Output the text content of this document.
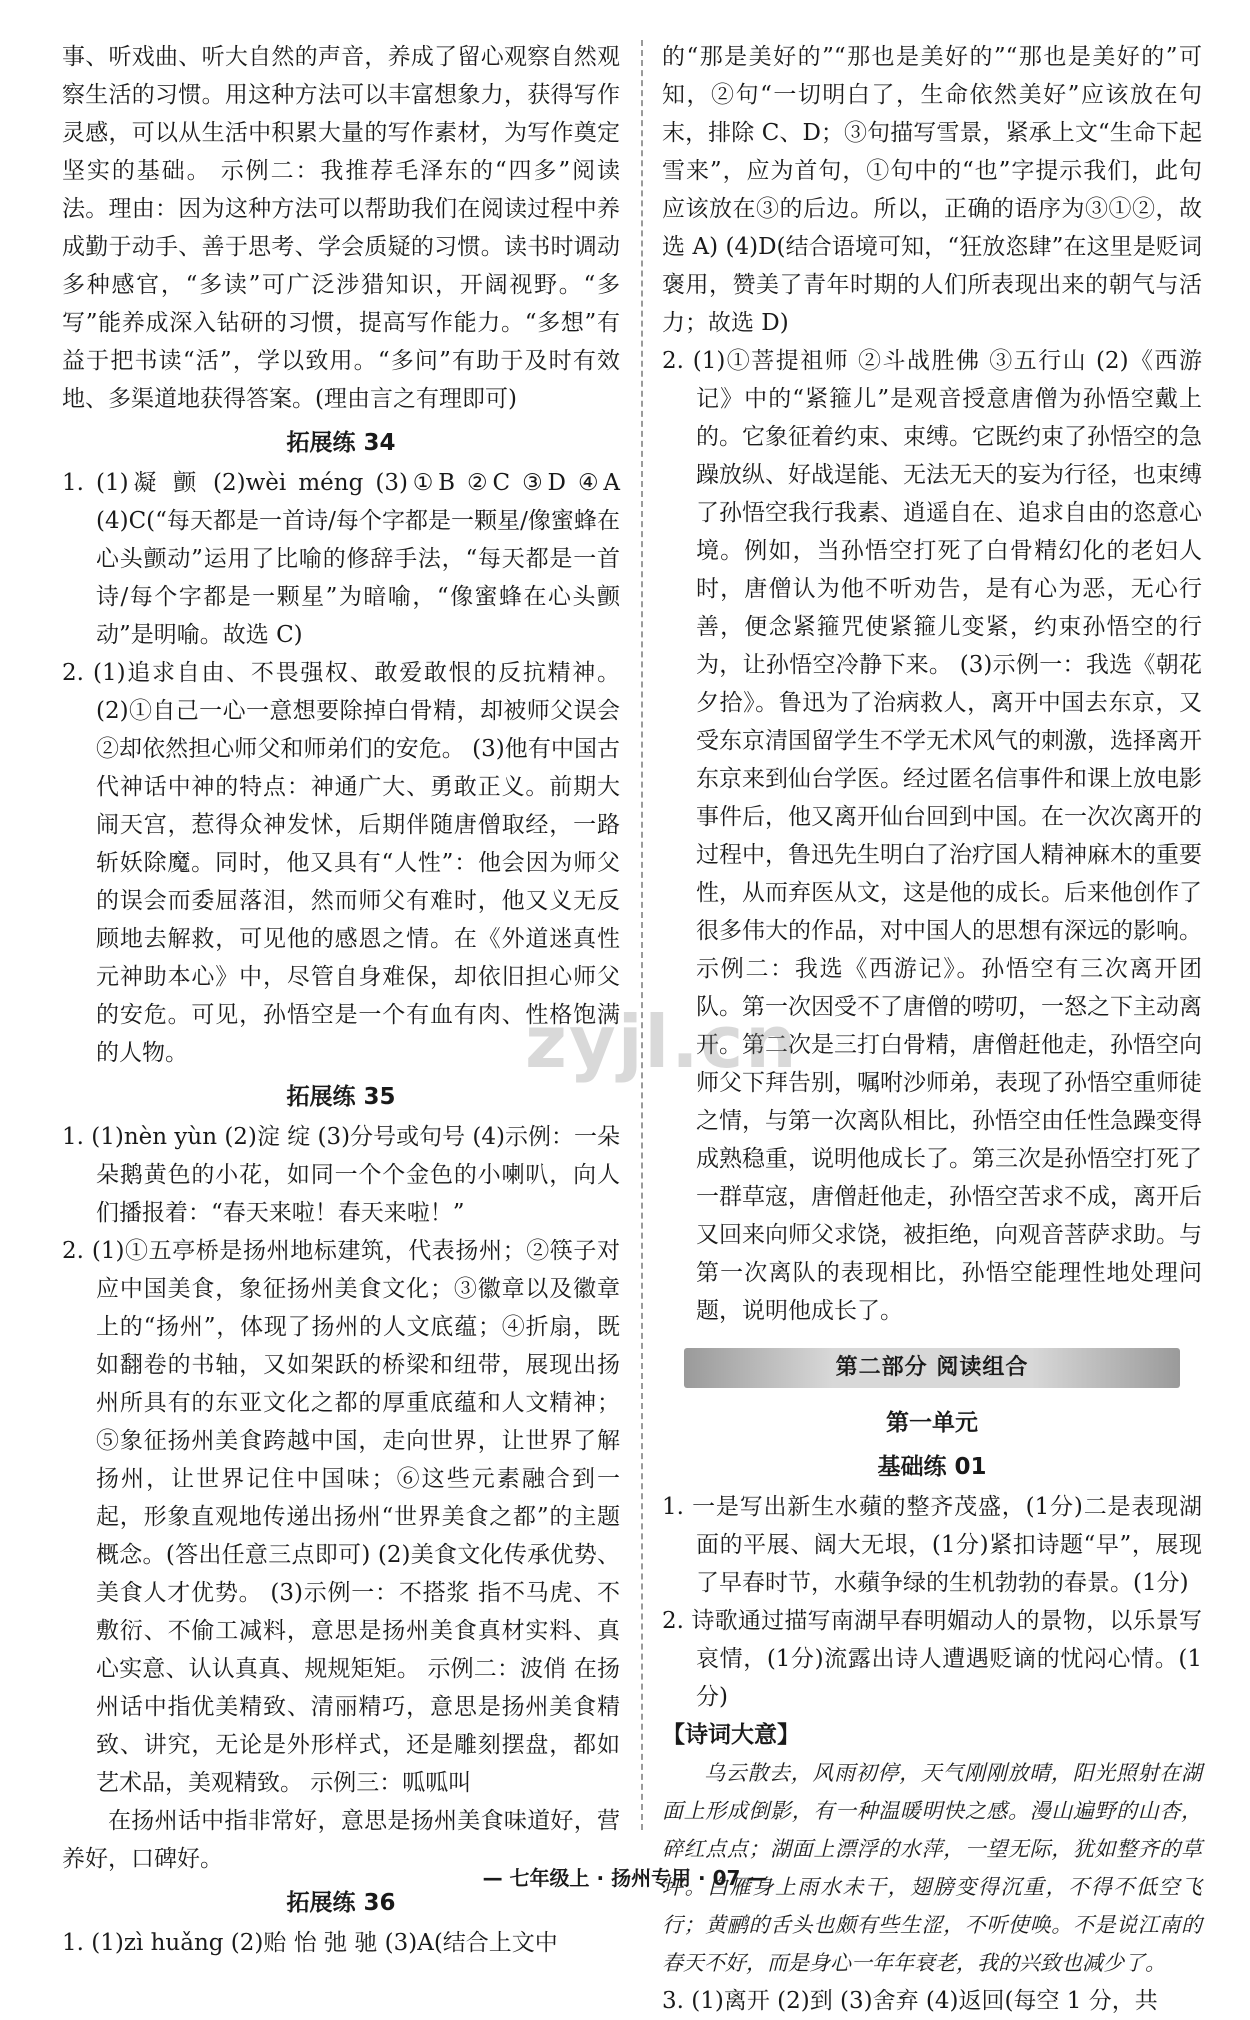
事、听戏曲、听大自然的声音，养成了留心观察自然观察生活的习惯。用这种方法可以丰富想象力，获得写作灵感，可以从生活中积累大量的写作素材，为写作奠定坚实的基础。 示例二：我推荐毛泽东的“四多”阅读法。理由：因为这种方法可以帮助我们在阅读过程中养成勤于动手、善于思考、学会质疑的习惯。读书时调动多种感官，“多读”可广泛涉猎知识，开阔视野。“多写”能养成深入钻研的习惯，提高写作能力。“多想”有益于把书读“活”，学以致用。“多问”有助于及时有效地、多渠道地获得答案。(理由言之有理即可)

拓展练 34

1. (1)凝 颤 (2)wèi méng (3)①B ②C ③D ④A (4)C(“每天都是一首诗/每个字都是一颗星/像蜜蜂在心头颤动”运用了比喻的修辞手法，“每天都是一首诗/每个字都是一颗星”为暗喻，“像蜜蜂在心头颤动”是明喻。故选 C)

2. (1)追求自由、不畏强权、敢爱敢恨的反抗精神。 (2)①自己一心一意想要除掉白骨精，却被师父误会 ②却依然担心师父和师弟们的安危。 (3)他有中国古代神话中神的特点：神通广大、勇敢正义。前期大闹天宫，惹得众神发怵，后期伴随唐僧取经，一路斩妖除魔。同时，他又具有“人性”：他会因为师父的误会而委屈落泪，然而师父有难时，他又义无反顾地去解救，可见他的感恩之情。在《外道迷真性 元神助本心》中，尽管自身难保，却依旧担心师父的安危。可见，孙悟空是一个有血有肉、性格饱满的人物。

拓展练 35

1. (1)nèn yùn (2)淀 绽 (3)分号或句号 (4)示例：一朵朵鹅黄色的小花，如同一个个金色的小喇叭，向人们播报着：“春天来啦！春天来啦！”

2. (1)①五亭桥是扬州地标建筑，代表扬州；②筷子对应中国美食，象征扬州美食文化；③徽章以及徽章上的“扬州”，体现了扬州的人文底蕴；④折扇，既如翻卷的书轴，又如架跃的桥梁和纽带，展现出扬州所具有的东亚文化之都的厚重底蕴和人文精神；⑤象征扬州美食跨越中国，走向世界，让世界了解扬州，让世界记住中国味；⑥这些元素融合到一起，形象直观地传递出扬州“世界美食之都”的主题概念。(答出任意三点即可) (2)美食文化传承优势、美食人才优势。 (3)示例一：不搭浆 指不马虎、不敷衍、不偷工减料，意思是扬州美食真材实料、真心实意、认认真真、规规矩矩。 示例二：波俏 在扬州话中指优美精致、清丽精巧，意思是扬州美食精致、讲究，无论是外形样式，还是雕刻摆盘，都如艺术品，美观精致。 示例三：呱呱叫

在扬州话中指非常好，意思是扬州美食味道好，营养好，口碑好。

拓展练 36

1. (1)zì huǎng (2)贻 怡 弛 驰 (3)A(结合上文中

的“那是美好的”“那也是美好的”“那也是美好的”可知，②句“一切明白了，生命依然美好”应该放在句末，排除 C、D；③句描写雪景，紧承上文“生命下起雪来”，应为首句，①句中的“也”字提示我们，此句应该放在③的后边。所以，正确的语序为③①②，故选 A) (4)D(结合语境可知，“狂放恣肆”在这里是贬词褒用，赞美了青年时期的人们所表现出来的朝气与活力；故选 D)

2. (1)①菩提祖师 ②斗战胜佛 ③五行山 (2)《西游记》中的“紧箍儿”是观音授意唐僧为孙悟空戴上的。它象征着约束、束缚。它既约束了孙悟空的急躁放纵、好战逞能、无法无天的妄为行径，也束缚了孙悟空我行我素、逍遥自在、追求自由的恣意心境。例如，当孙悟空打死了白骨精幻化的老妇人时，唐僧认为他不听劝告，是有心为恶，无心行善，便念紧箍咒使紧箍儿变紧，约束孙悟空的行为，让孙悟空冷静下来。 (3)示例一：我选《朝花夕拾》。鲁迅为了治病救人，离开中国去东京，又受东京清国留学生不学无术风气的刺激，选择离开东京来到仙台学医。经过匿名信事件和课上放电影事件后，他又离开仙台回到中国。在一次次离开的过程中，鲁迅先生明白了治疗国人精神麻木的重要性，从而弃医从文，这是他的成长。后来他创作了很多伟大的作品，对中国人的思想有深远的影响。 示例二：我选《西游记》。孙悟空有三次离开团队。第一次因受不了唐僧的唠叨，一怒之下主动离开。第二次是三打白骨精，唐僧赶他走，孙悟空向师父下拜告别，嘱咐沙师弟，表现了孙悟空重师徒之情，与第一次离队相比，孙悟空由任性急躁变得成熟稳重，说明他成长了。第三次是孙悟空打死了一群草寇，唐僧赶他走，孙悟空苦求不成，离开后又回来向师父求饶，被拒绝，向观音菩萨求助。与第一次离队的表现相比，孙悟空能理性地处理问题，说明他成长了。

第二部分 阅读组合
第一单元
基础练 01

1. 一是写出新生水蘋的整齐茂盛，(1分)二是表现湖面的平展、阔大无垠，(1分)紧扣诗题“早”，展现了早春时节，水蘋争绿的生机勃勃的春景。(1分)

2. 诗歌通过描写南湖早春明媚动人的景物，以乐景写哀情，(1分)流露出诗人遭遇贬谪的忧闷心情。(1分)

【诗词大意】

乌云散去，风雨初停，天气刚刚放晴，阳光照射在湖面上形成倒影，有一种温暖明快之感。漫山遍野的山杏，碎红点点；湖面上漂浮的水萍，一望无际，犹如整齐的草坪。白雁身上雨水未干，翅膀变得沉重，不得不低空飞行；黄鹂的舌头也颇有些生涩，不听使唤。不是说江南的春天不好，而是身心一年年衰老，我的兴致也减少了。

3. (1)离开 (2)到 (3)舍弃 (4)返回(每空 1 分，共

zyjl.cn
— 七年级上 · 扬州专用 · 07 —
